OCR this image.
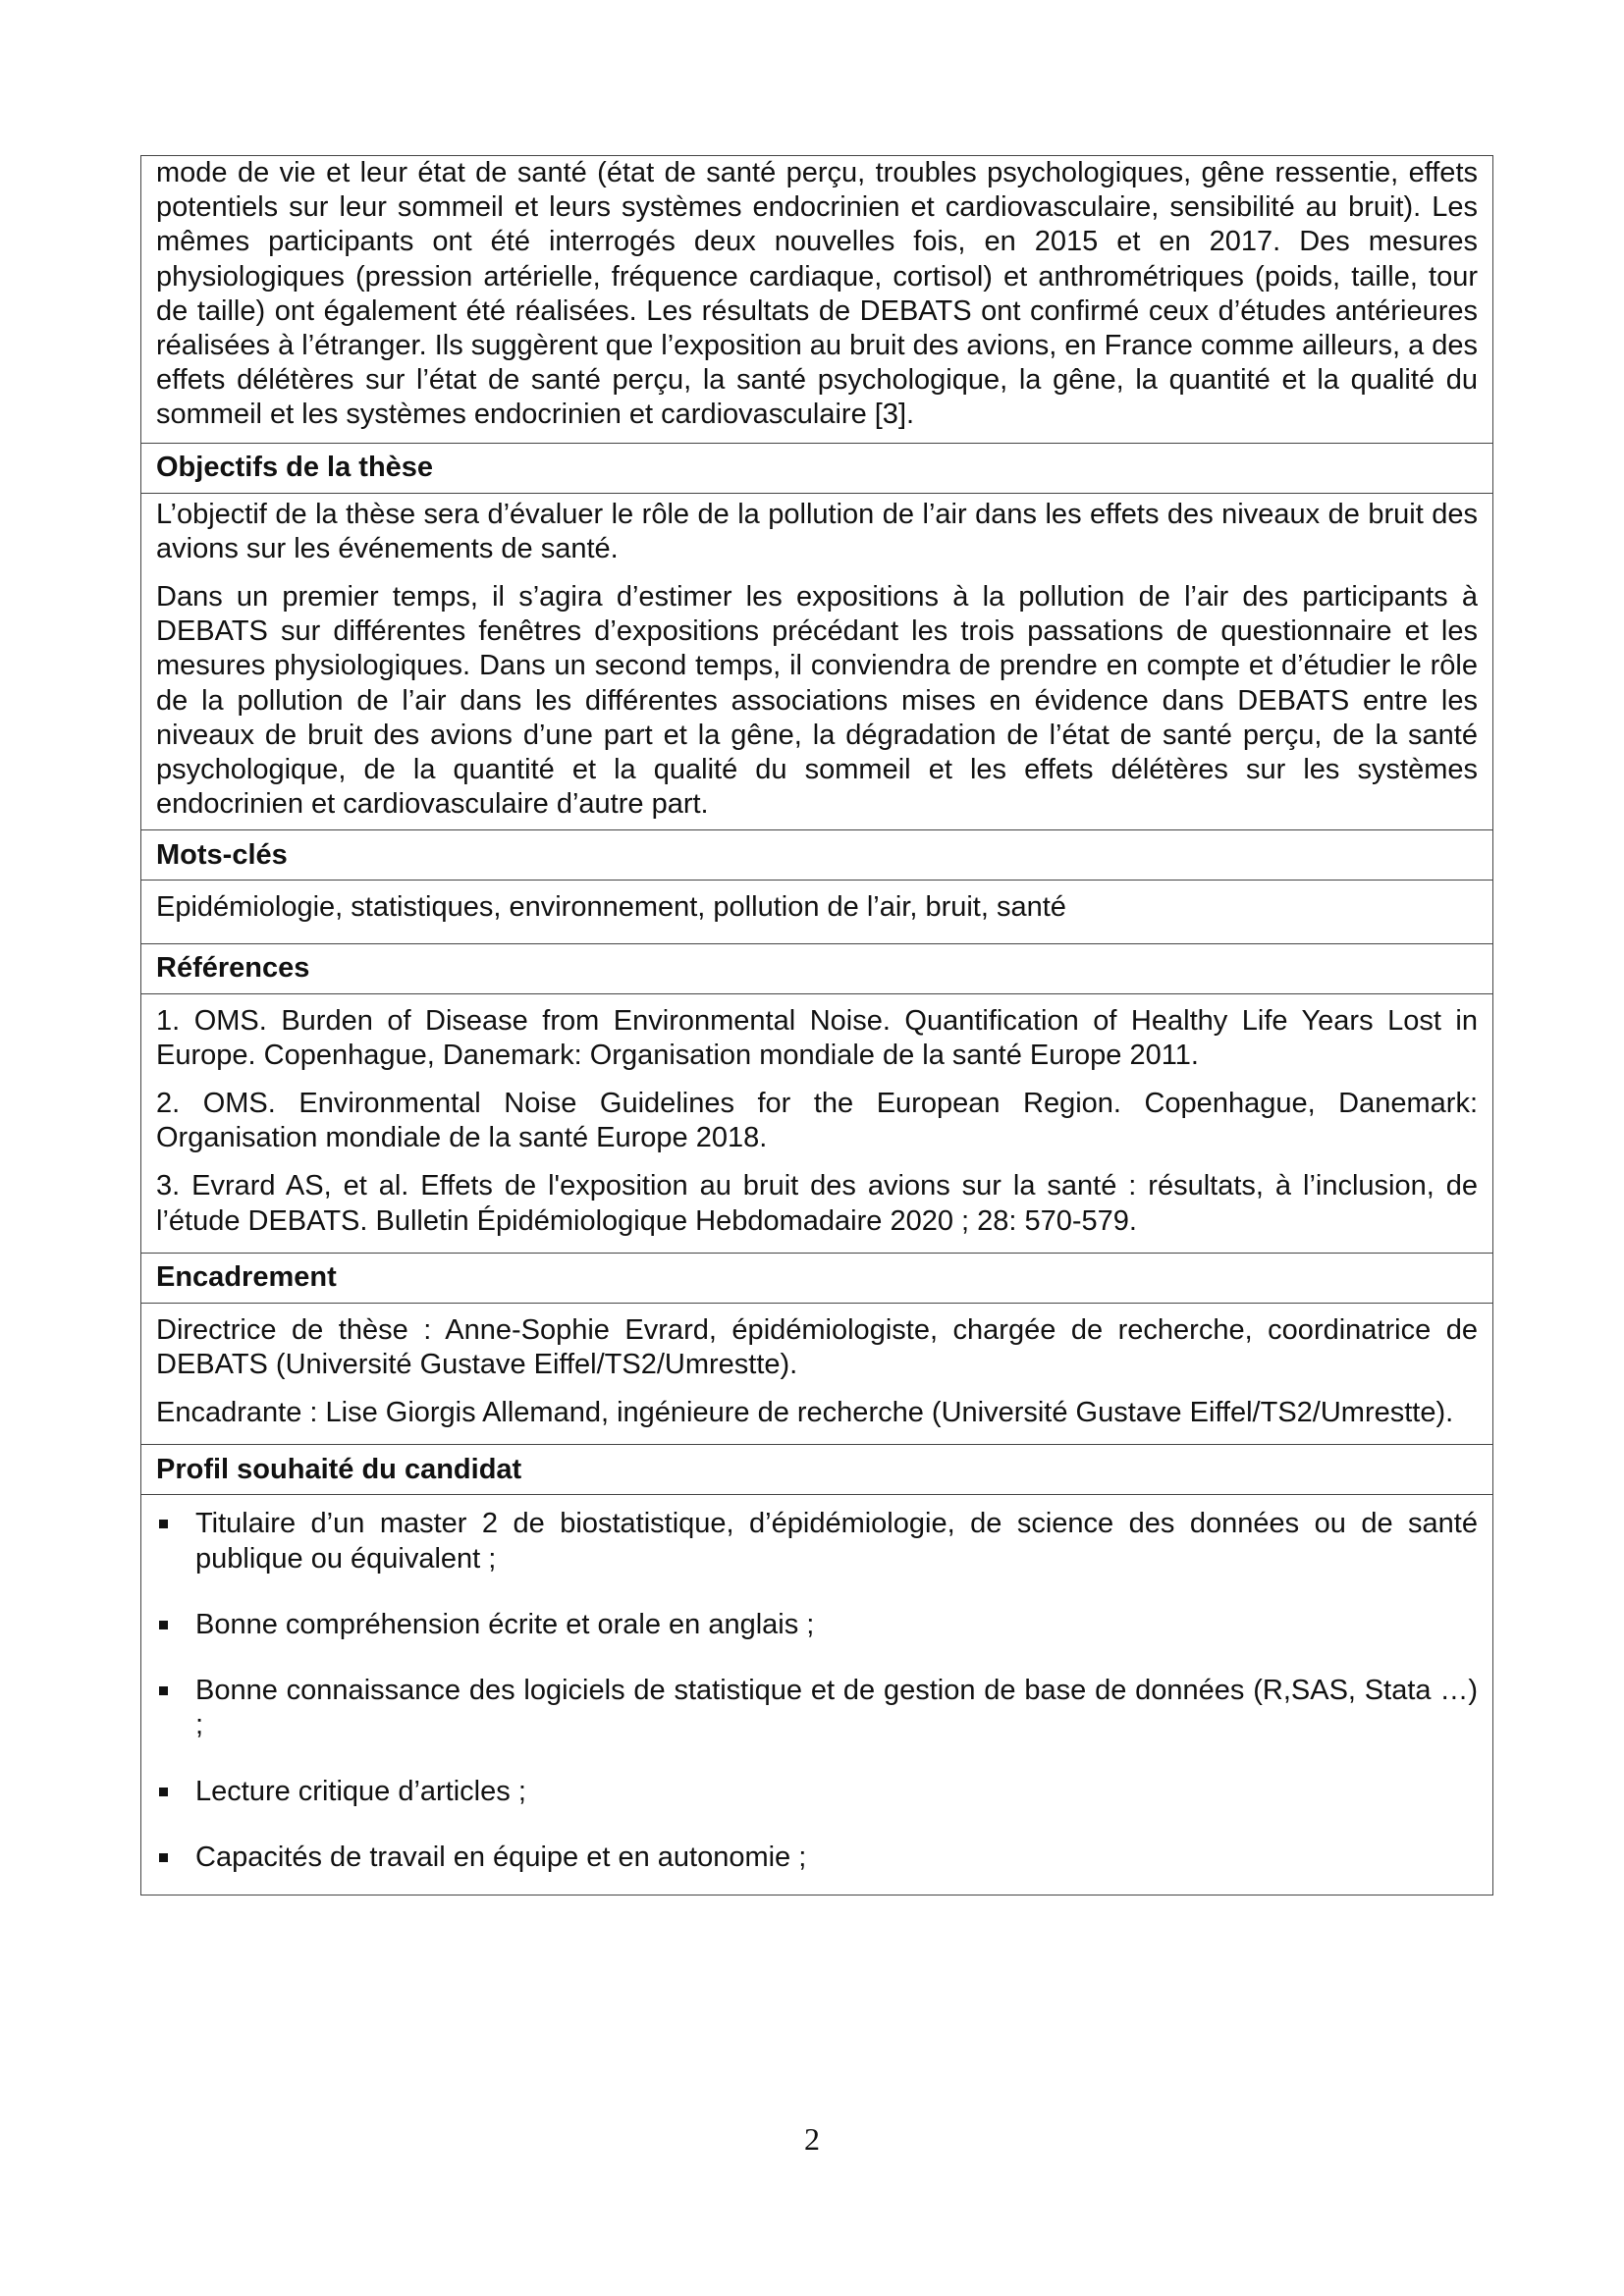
mode de vie et leur état de santé (état de santé perçu, troubles psychologiques, gêne ressentie, effets potentiels sur leur sommeil et leurs systèmes endocrinien et cardiovasculaire, sensibilité au bruit). Les mêmes participants ont été interrogés deux nouvelles fois, en 2015 et en 2017. Des mesures physiologiques (pression artérielle, fréquence cardiaque, cortisol) et anthrométriques (poids, taille, tour de taille) ont également été réalisées. Les résultats de DEBATS ont confirmé ceux d’études antérieures réalisées à l’étranger. Ils suggèrent que l’exposition au bruit des avions, en France comme ailleurs, a des effets délétères sur l’état de santé perçu, la santé psychologique, la gêne, la quantité et la qualité du sommeil et les systèmes endocrinien et cardiovasculaire [3].

Objectifs de la thèse

L’objectif de la thèse sera d’évaluer le rôle de la pollution de l’air dans les effets des niveaux de bruit des avions sur les événements de santé.

Dans un premier temps, il s’agira d’estimer les expositions à la pollution de l’air des participants à DEBATS sur différentes fenêtres d’expositions précédant les trois passations de questionnaire et les mesures physiologiques. Dans un second temps, il conviendra de prendre en compte et d’étudier le rôle de la pollution de l’air dans les différentes associations mises en évidence dans DEBATS entre les niveaux de bruit des avions d’une part et la gêne, la dégradation de l’état de santé perçu, de la santé psychologique, de la quantité et la qualité du sommeil et les effets délétères sur les systèmes endocrinien et cardiovasculaire d’autre part.

Mots-clés

Epidémiologie, statistiques, environnement, pollution de l’air, bruit, santé

Références

1. OMS. Burden of Disease from Environmental Noise. Quantification of Healthy Life Years Lost in Europe. Copenhague, Danemark: Organisation mondiale de la santé Europe 2011.

2. OMS. Environmental Noise Guidelines for the European Region. Copenhague, Danemark: Organisation mondiale de la santé Europe 2018.

3. Evrard AS, et al. Effets de l'exposition au bruit des avions sur la santé : résultats, à l’inclusion, de l’étude DEBATS. Bulletin Épidémiologique Hebdomadaire 2020 ; 28: 570-579.

Encadrement

Directrice de thèse : Anne-Sophie Evrard, épidémiologiste, chargée de recherche, coordinatrice de DEBATS (Université Gustave Eiffel/TS2/Umrestte).

Encadrante : Lise Giorgis Allemand, ingénieure de recherche (Université Gustave Eiffel/TS2/Umrestte).

Profil souhaité du candidat
Titulaire d’un master 2 de biostatistique, d’épidémiologie, de science des données ou de santé publique ou équivalent ;
Bonne compréhension écrite et orale en anglais ;
Bonne connaissance des logiciels de statistique et de gestion de base de données (R,SAS, Stata …) ;
Lecture critique d’articles ;
Capacités de travail en équipe et en autonomie ;
2
